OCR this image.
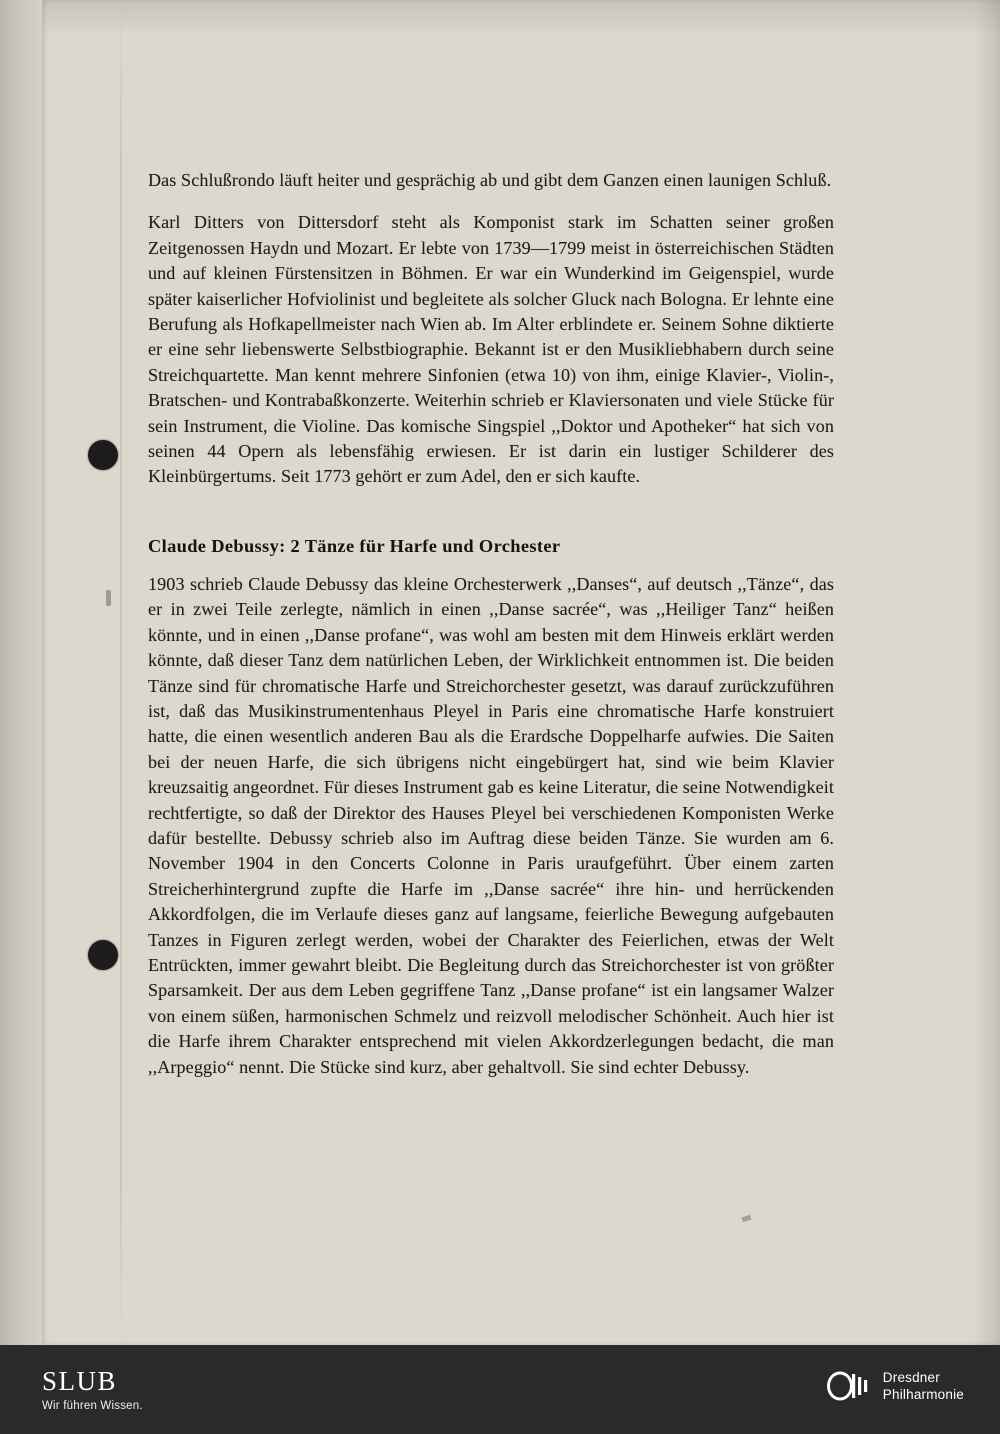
Das Schlußrondo läuft heiter und gesprächig ab und gibt dem Ganzen einen launigen Schluß.

Karl Ditters von Dittersdorf steht als Komponist stark im Schatten seiner großen Zeitgenossen Haydn und Mozart. Er lebte von 1739—1799 meist in österreichischen Städten und auf kleinen Fürstensitzen in Böhmen. Er war ein Wunderkind im Geigenspiel, wurde später kaiserlicher Hofviolinist und begleitete als solcher Gluck nach Bologna. Er lehnte eine Berufung als Hofkapellmeister nach Wien ab. Im Alter erblindete er. Seinem Sohne diktierte er eine sehr liebenswerte Selbstbiographie. Bekannt ist er den Musikliebhabern durch seine Streichquartette. Man kennt mehrere Sinfonien (etwa 10) von ihm, einige Klavier-, Violin-, Bratschen- und Kontrabaßkonzerte. Weiterhin schrieb er Klaviersonaten und viele Stücke für sein Instrument, die Violine. Das komische Singspiel ,,Doktor und Apotheker“ hat sich von seinen 44 Opern als lebensfähig erwiesen. Er ist darin ein lustiger Schilderer des Kleinbürgertums. Seit 1773 gehört er zum Adel, den er sich kaufte.

Claude Debussy: 2 Tänze für Harfe und Orchester

1903 schrieb Claude Debussy das kleine Orchesterwerk ,,Danses“, auf deutsch ,,Tänze“, das er in zwei Teile zerlegte, nämlich in einen ,,Danse sacrée“, was ,,Heiliger Tanz“ heißen könnte, und in einen ,,Danse profane“, was wohl am besten mit dem Hinweis erklärt werden könnte, daß dieser Tanz dem natürlichen Leben, der Wirklichkeit entnommen ist. Die beiden Tänze sind für chromatische Harfe und Streichorchester gesetzt, was darauf zurückzuführen ist, daß das Musikinstrumentenhaus Pleyel in Paris eine chromatische Harfe konstruiert hatte, die einen wesentlich anderen Bau als die Erardsche Doppelharfe aufwies. Die Saiten bei der neuen Harfe, die sich übrigens nicht eingebürgert hat, sind wie beim Klavier kreuzsaitig angeordnet. Für dieses Instrument gab es keine Literatur, die seine Notwendigkeit rechtfertigte, so daß der Direktor des Hauses Pleyel bei verschiedenen Komponisten Werke dafür bestellte. Debussy schrieb also im Auftrag diese beiden Tänze. Sie wurden am 6. November 1904 in den Concerts Colonne in Paris uraufgeführt. Über einem zarten Streicherhintergrund zupfte die Harfe im ,,Danse sacrée“ ihre hin- und herrückenden Akkordfolgen, die im Verlaufe dieses ganz auf langsame, feierliche Bewegung aufgebauten Tanzes in Figuren zerlegt werden, wobei der Charakter des Feierlichen, etwas der Welt Entrückten, immer gewahrt bleibt. Die Begleitung durch das Streichorchester ist von größter Sparsamkeit. Der aus dem Leben gegriffene Tanz ,,Danse profane“ ist ein langsamer Walzer von einem süßen, harmonischen Schmelz und reizvoll melodischer Schönheit. Auch hier ist die Harfe ihrem Charakter entsprechend mit vielen Akkordzerlegungen bedacht, die man ,,Arpeggio“ nennt. Die Stücke sind kurz, aber gehaltvoll. Sie sind echter Debussy.

SLUB
Wir führen Wissen.
Dresdner
Philharmonie
